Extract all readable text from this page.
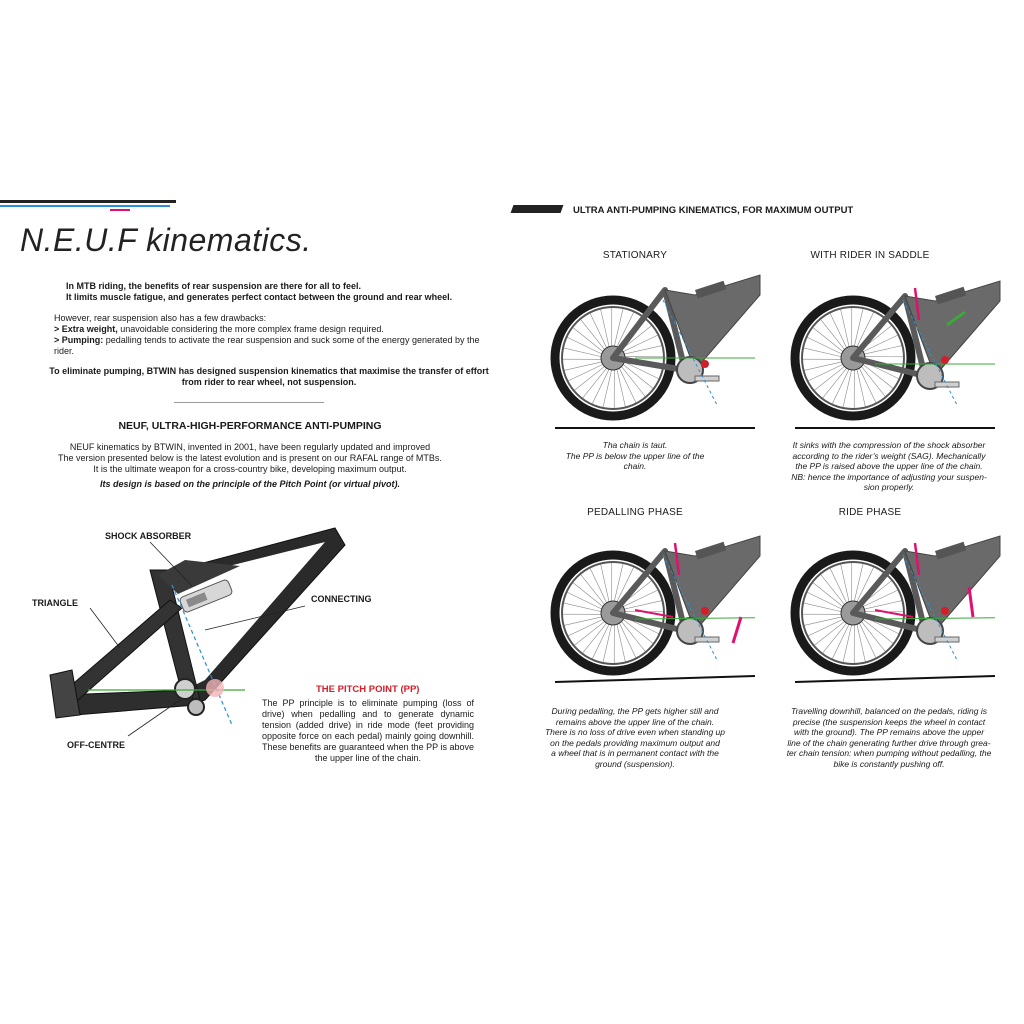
N.E.U.F kinematics.

In MTB riding, the benefits of rear suspension are there for all to feel.

It limits muscle fatigue, and generates perfect contact between the ground and rear wheel.

However, rear suspension also has a few drawbacks:

> Extra weight, unavoidable considering the more complex frame design required.

> Pumping: pedalling tends to activate the rear suspension and suck some of the energy generated by the rider.

To eliminate pumping, BTWIN has designed suspension kinematics that maximise the transfer of effort from rider to rear wheel, not suspension.
NEUF, ULTRA-HIGH-PERFORMANCE ANTI-PUMPING

NEUF kinematics by BTWIN, invented in 2001, have been regularly updated and improved

The version presented below is the latest evolution and is present on our RAFAL range of MTBs.

It is the ultimate weapon for a cross-country bike, developing maximum output.

Its design is based on the principle of the Pitch Point (or virtual pivot).
SHOCK ABSORBER
TRIANGLE	CONNECTING
OFF-CENTRE
THE PITCH POINT (PP)
The PP principle is to eliminate pumping (loss of drive) when pedalling and to generate dynamic tension (added drive) in ride mode (feet providing opposite force on each pedal) mainly going downhill. These benefits are guaranteed when the PP is above
the upper line of the chain.
ULTRA ANTI-PUMPING KINEMATICS, FOR MAXIMUM OUTPUT
STATIONARY	WITH RIDER IN SADDLE
PEDALLING PHASE	RIDE PHASE
Tha chain is taut.
The PP is below the upper line of the
chain.
It sinks with the compression of the shock absorber
according to the rider’s weight (SAG). Mechanically
the PP is raised above the upper line of the chain.
NB: hence the importance of adjusting your suspen-
sion properly.
During pedalling, the PP gets higher still and
remains above the upper line of the chain.
There is no loss of drive even when standing up
on the pedals providing maximum output and
a wheel that is in permanent contact with the
ground (suspension).
Travelling downhill, balanced on the pedals, riding is
precise (the suspension keeps the wheel in contact
with the ground). The PP remains above the upper
line of the chain generating further drive through grea-
ter chain tension: when pumping without pedalling, the
bike is constantly pushing off.
